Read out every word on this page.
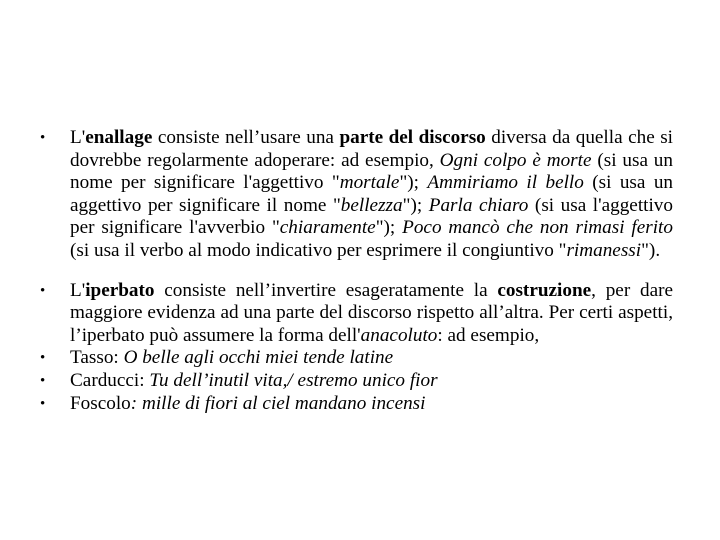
• L'enallage consiste nell’usare una parte del discorso diversa da quella che si dovrebbe regolarmente adoperare: ad esempio, Ogni colpo è morte (si usa un nome per significare l'aggettivo "mortale"); Ammiriamo il bello (si usa un aggettivo per significare il nome "bellezza"); Parla chiaro (si usa l'aggettivo per significare l'avverbio "chiaramente"); Poco mancò che non rimasi ferito (si usa il verbo al modo indicativo per esprimere il congiuntivo "rimanessi").
• L'iperbato consiste nell’invertire esageratamente la costruzione, per dare maggiore evidenza ad una parte del discorso rispetto all’altra. Per certi aspetti, l’iperbato può assumere la forma dell'anacoluto: ad esempio,
• Tasso: O belle agli occhi miei tende latine
• Carducci: Tu dell’inutil vita,/ estremo unico fior
• Foscolo: mille di fiori al ciel mandano incensi
